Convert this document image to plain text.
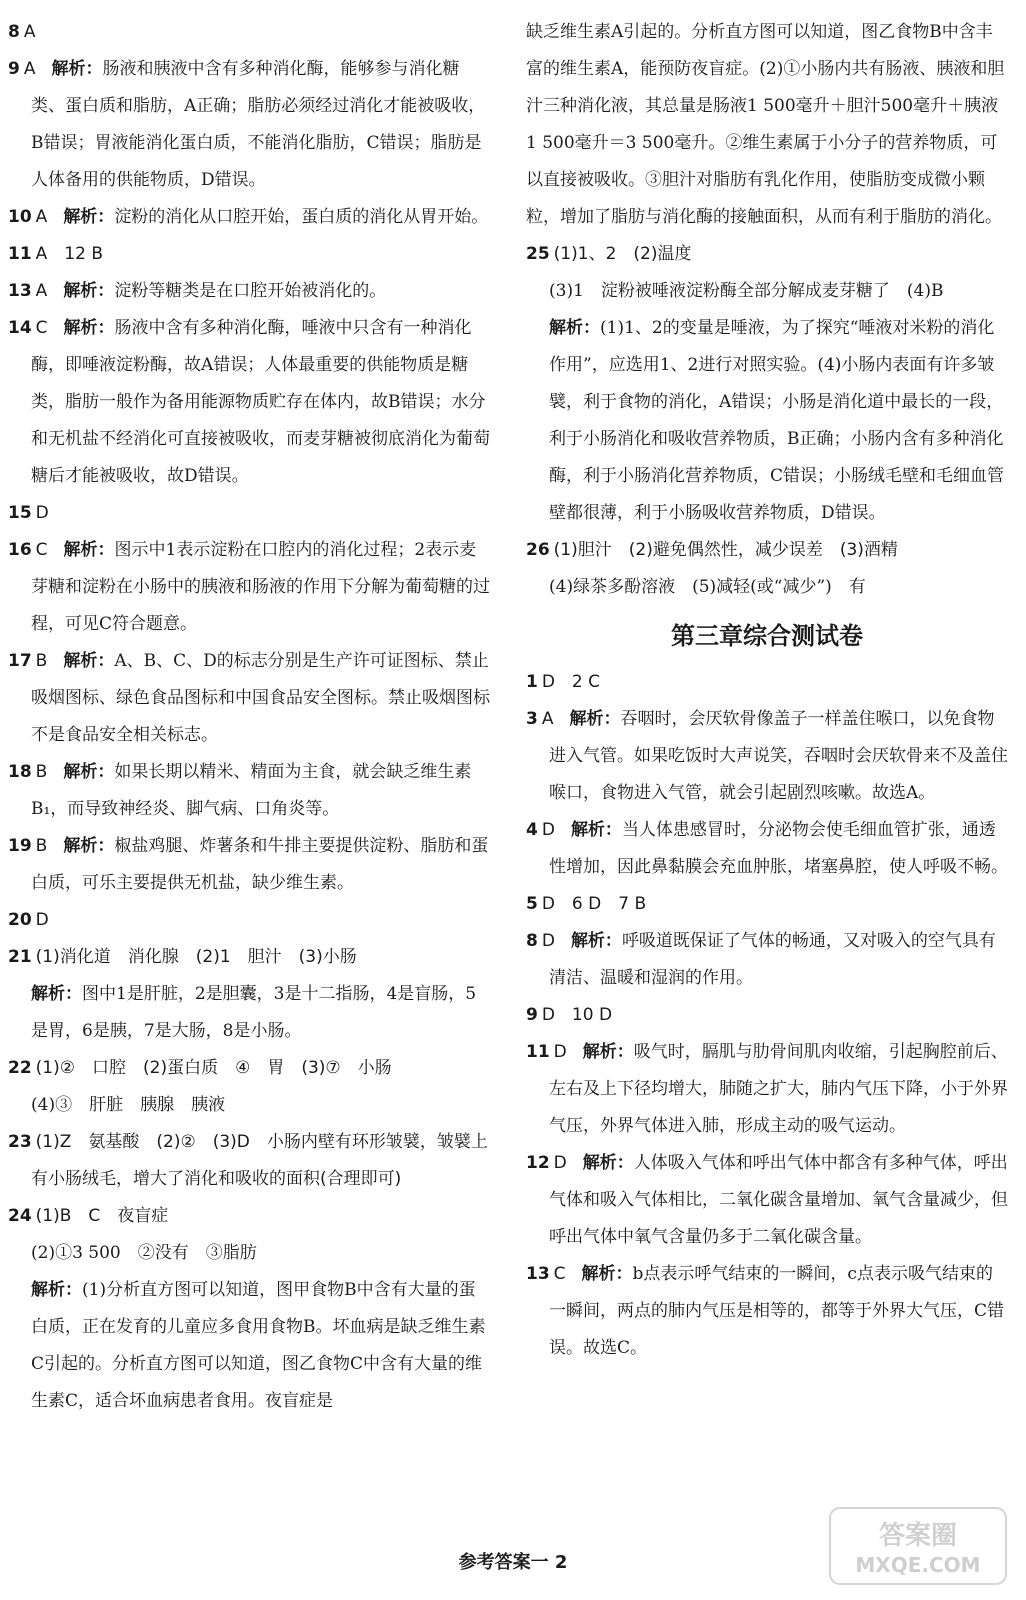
8 A

9 A 解析：肠液和胰液中含有多种消化酶，能够参与消化糖类、蛋白质和脂肪，A正确；脂肪必须经过消化才能被吸收，B错误；胃液能消化蛋白质，不能消化脂肪，C错误；脂肪是人体备用的供能物质，D错误。

10 A 解析：淀粉的消化从口腔开始，蛋白质的消化从胃开始。

11 A　12 B

13 A 解析：淀粉等糖类是在口腔开始被消化的。

14 C 解析：肠液中含有多种消化酶，唾液中只含有一种消化酶，即唾液淀粉酶，故A错误；人体最重要的供能物质是糖类，脂肪一般作为备用能源物质贮存在体内，故B错误；水分和无机盐不经消化可直接被吸收，而麦芽糖被彻底消化为葡萄糖后才能被吸收，故D错误。

15 D

16 C 解析：图示中1表示淀粉在口腔内的消化过程；2表示麦芽糖和淀粉在小肠中的胰液和肠液的作用下分解为葡萄糖的过程，可见C符合题意。

17 B 解析：A、B、C、D的标志分别是生产许可证图标、禁止吸烟图标、绿色食品图标和中国食品安全图标。禁止吸烟图标不是食品安全相关标志。

18 B 解析：如果长期以精米、精面为主食，就会缺乏维生素B₁，而导致神经炎、脚气病、口角炎等。

19 B 解析：椒盐鸡腿、炸薯条和牛排主要提供淀粉、脂肪和蛋白质，可乐主要提供无机盐，缺少维生素。

20 D

21 (1)消化道　消化腺　(2)1　胆汁　(3)小肠

解析：图中1是肝脏，2是胆囊，3是十二指肠，4是盲肠，5是胃，6是胰，7是大肠，8是小肠。

22 (1)②　口腔　(2)蛋白质　④　胃　(3)⑦　小肠

(4)③　肝脏　胰腺　胰液

23 (1)Z　氨基酸　(2)②　(3)D　小肠内壁有环形皱襞，皱襞上有小肠绒毛，增大了消化和吸收的面积(合理即可)

24 (1)B　C　夜盲症

(2)①3 500　②没有　③脂肪

解析：(1)分析直方图可以知道，图甲食物B中含有大量的蛋白质，正在发育的儿童应多食用食物B。坏血病是缺乏维生素C引起的。分析直方图可以知道，图乙食物C中含有大量的维生素C，适合坏血病患者食用。夜盲症是

缺乏维生素A引起的。分析直方图可以知道，图乙食物B中含丰富的维生素A，能预防夜盲症。(2)①小肠内共有肠液、胰液和胆汁三种消化液，其总量是肠液1 500毫升＋胆汁500毫升＋胰液1 500毫升＝3 500毫升。②维生素属于小分子的营养物质，可以直接被吸收。③胆汁对脂肪有乳化作用，使脂肪变成微小颗粒，增加了脂肪与消化酶的接触面积，从而有利于脂肪的消化。

25 (1)1、2　(2)温度

(3)1　淀粉被唾液淀粉酶全部分解成麦芽糖了　(4)B

解析：(1)1、2的变量是唾液，为了探究“唾液对米粉的消化作用”，应选用1、2进行对照实验。(4)小肠内表面有许多皱襞，利于食物的消化，A错误；小肠是消化道中最长的一段，利于小肠消化和吸收营养物质，B正确；小肠内含有多种消化酶，利于小肠消化营养物质，C错误；小肠绒毛壁和毛细血管壁都很薄，利于小肠吸收营养物质，D错误。

26 (1)胆汁　(2)避免偶然性，减少误差　(3)酒精

(4)绿茶多酚溶液　(5)减轻(或“减少”)　有

第三章综合测试卷

1 D　2 C

3 A 解析：吞咽时，会厌软骨像盖子一样盖住喉口，以免食物进入气管。如果吃饭时大声说笑，吞咽时会厌软骨来不及盖住喉口，食物进入气管，就会引起剧烈咳嗽。故选A。

4 D 解析：当人体患感冒时，分泌物会使毛细血管扩张，通透性增加，因此鼻黏膜会充血肿胀，堵塞鼻腔，使人呼吸不畅。

5 D　6 D　7 B

8 D 解析：呼吸道既保证了气体的畅通，又对吸入的空气具有清洁、温暖和湿润的作用。

9 D　10 D

11 D 解析：吸气时，膈肌与肋骨间肌肉收缩，引起胸腔前后、左右及上下径均增大，肺随之扩大，肺内气压下降，小于外界气压，外界气体进入肺，形成主动的吸气运动。

12 D 解析：人体吸入气体和呼出气体中都含有多种气体，呼出气体和吸入气体相比，二氧化碳含量增加、氧气含量减少，但呼出气体中氧气含量仍多于二氧化碳含量。

13 C 解析：b点表示呼气结束的一瞬间，c点表示吸气结束的一瞬间，两点的肺内气压是相等的，都等于外界大气压，C错误。故选C。

参考答案一 2
答案圈
MXQE.COM
